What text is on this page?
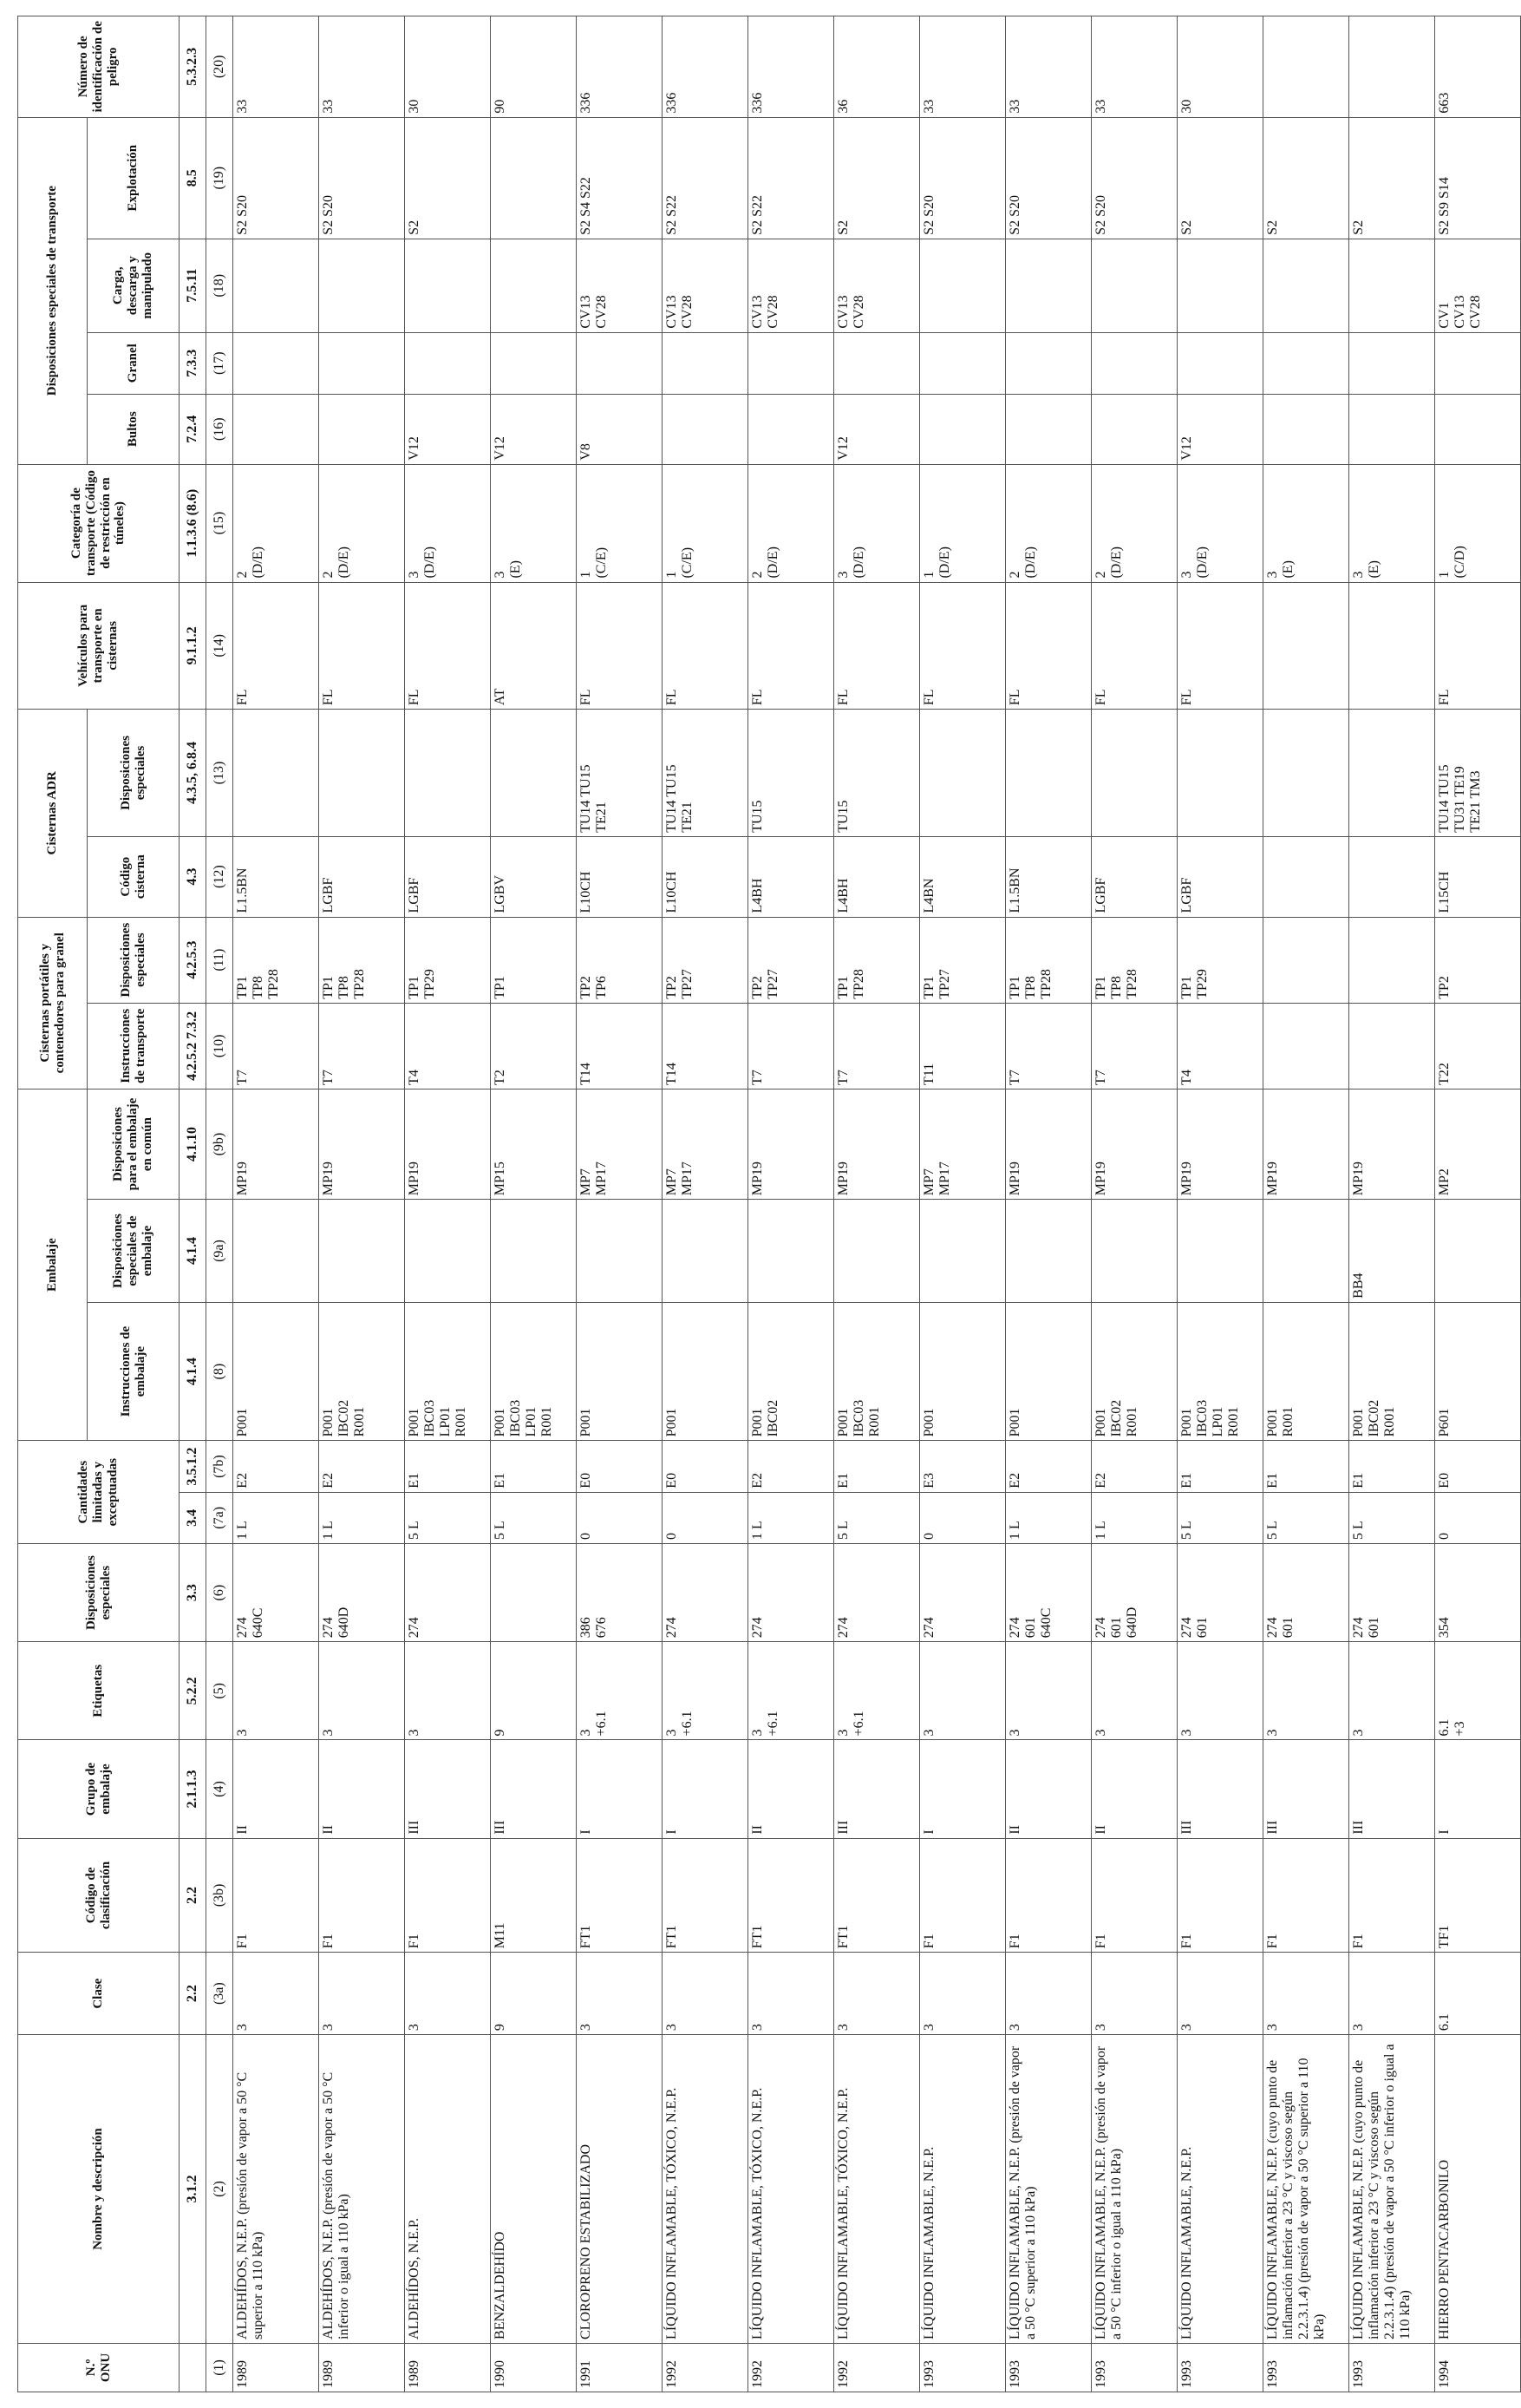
N.º ONU	Nombre y descripción	Clase	Código de clasificación	Grupo de embalaje	Etiquetas	Disposiciones especiales	Cantidades limitadas y exceptuadas		Embalaje			Cisternas portátiles y contenedores para granel		Cisternas ADR		Vehículos para transporte en cisternas	Categoría de transporte (Código de restricción en túneles)	Disposiciones especiales de transporte				Número de identificación de peligro
									Instrucciones de embalaje	Disposiciones especiales de embalaje	Disposiciones para el embalaje en común	Instrucciones de transporte	Disposiciones especiales	Código cisterna	Disposiciones especiales			Bultos	Granel	Carga, descarga y manipulado	Explotación	

	3.1.2	2.2	2.2	2.1.1.3	5.2.2	3.3	3.4	3.5.1.2	4.1.4	4.1.4	4.1.10	4.2.5.2 7.3.2	4.2.5.3	4.3	4.3.5, 6.8.4	9.1.1.2	1.1.3.6 (8.6)	7.2.4	7.3.3	7.5.11	8.5	5.3.2.3

(1)	(2)	(3a)	(3b)	(4)	(5)	(6)	(7a)	(7b)	(8)	(9a)	(9b)	(10)	(11)	(12)	(13)	(14)	(15)	(16)	(17)	(18)	(19)	(20)

1989	ALDEHÍDOS, N.E.P. (presión de vapor a 50 °C superior a 110 kPa)	3	F1	II	3	274 640C	1 L	E2	P001		MP19	T7	TP1 TP8 TP28	L1.5BN		FL	2 (D/E)				S2 S20	33

1989	ALDEHÍDOS, N.E.P. (presión de vapor a 50 °C inferior o igual a 110 kPa)	3	F1	II	3	274 640D	1 L	E2	P001 IBC02 R001		MP19	T7	TP1 TP8 TP28	LGBF		FL	2 (D/E)				S2 S20	33

1989	ALDEHÍDOS, N.E.P.	3	F1	III	3	274	5 L	E1	P001 IBC03 LP01 R001		MP19	T4	TP1 TP29	LGBF		FL	3 (D/E)	V12			S2	30

1990	BENZALDEHÍDO	9	M11	III	9		5 L	E1	P001 IBC03 LP01 R001		MP15	T2	TP1	LGBV		AT	3 (E)	V12				90

1991	CLOROPRENO ESTABILIZADO	3	FT1	I	3 +6.1	386 676	0	E0	P001		MP7 MP17	T14	TP2 TP6	L10CH	TU14 TU15 TE21	FL	1 (C/E)	V8		CV13 CV28	S2 S4 S22	336

1992	LÍQUIDO INFLAMABLE, TÓXICO, N.E.P.	3	FT1	I	3 +6.1	274	0	E0	P001		MP7 MP17	T14	TP2 TP27	L10CH	TU14 TU15 TE21	FL	1 (C/E)			CV13 CV28	S2 S22	336

1992	LÍQUIDO INFLAMABLE, TÓXICO, N.E.P.	3	FT1	II	3 +6.1	274	1 L	E2	P001 IBC02		MP19	T7	TP2 TP27	L4BH	TU15	FL	2 (D/E)			CV13 CV28	S2 S22	336

1992	LÍQUIDO INFLAMABLE, TÓXICO, N.E.P.	3	FT1	III	3 +6.1	274	5 L	E1	P001 IBC03 R001		MP19	T7	TP1 TP28	L4BH	TU15	FL	3 (D/E)	V12		CV13 CV28	S2	36

1993	LÍQUIDO INFLAMABLE, N.E.P.	3	F1	I	3	274	0	E3	P001		MP7 MP17	T11	TP1 TP27	L4BN		FL	1 (D/E)				S2 S20	33

1993	LÍQUIDO INFLAMABLE, N.E.P. (presión de vapor a 50 °C superior a 110 kPa)	3	F1	II	3	274 601 640C	1 L	E2	P001		MP19	T7	TP1 TP8 TP28	L1.5BN		FL	2 (D/E)				S2 S20	33

1993	LÍQUIDO INFLAMABLE, N.E.P. (presión de vapor a 50 °C inferior o igual a 110 kPa)	3	F1	II	3	274 601 640D	1 L	E2	P001 IBC02 R001		MP19	T7	TP1 TP8 TP28	LGBF		FL	2 (D/E)				S2 S20	33

1993	LÍQUIDO INFLAMABLE, N.E.P.	3	F1	III	3	274 601	5 L	E1	P001 IBC03 LP01 R001		MP19	T4	TP1 TP29	LGBF		FL	3 (D/E)	V12			S2	30

1993	LÍQUIDO INFLAMABLE, N.E.P. (cuyo punto de inflamación inferior a 23 °C y viscoso según 2.2.3.1.4) (presión de vapor a 50 °C superior a 110 kPa)	3	F1	III	3	274 601	5 L	E1	P001 R001		MP19						3 (E)				S2	

1993	LÍQUIDO INFLAMABLE, N.E.P. (cuyo punto de inflamación inferior a 23 °C y viscoso según 2.2.3.1.4) (presión de vapor a 50 °C inferior o igual a 110 kPa)	3	F1	III	3	274 601	5 L	E1	P001 IBC02 R001	BB4	MP19						3 (E)				S2	

1994	HIERRO PENTACARBONILO	6.1	TF1	I	6.1 +3	354	0	E0	P601		MP2	T22	TP2	L15CH	TU14 TU15 TU31 TE19 TE21 TM3	FL	1 (C/D)			CV1 CV13 CV28	S2 S9 S14	663
